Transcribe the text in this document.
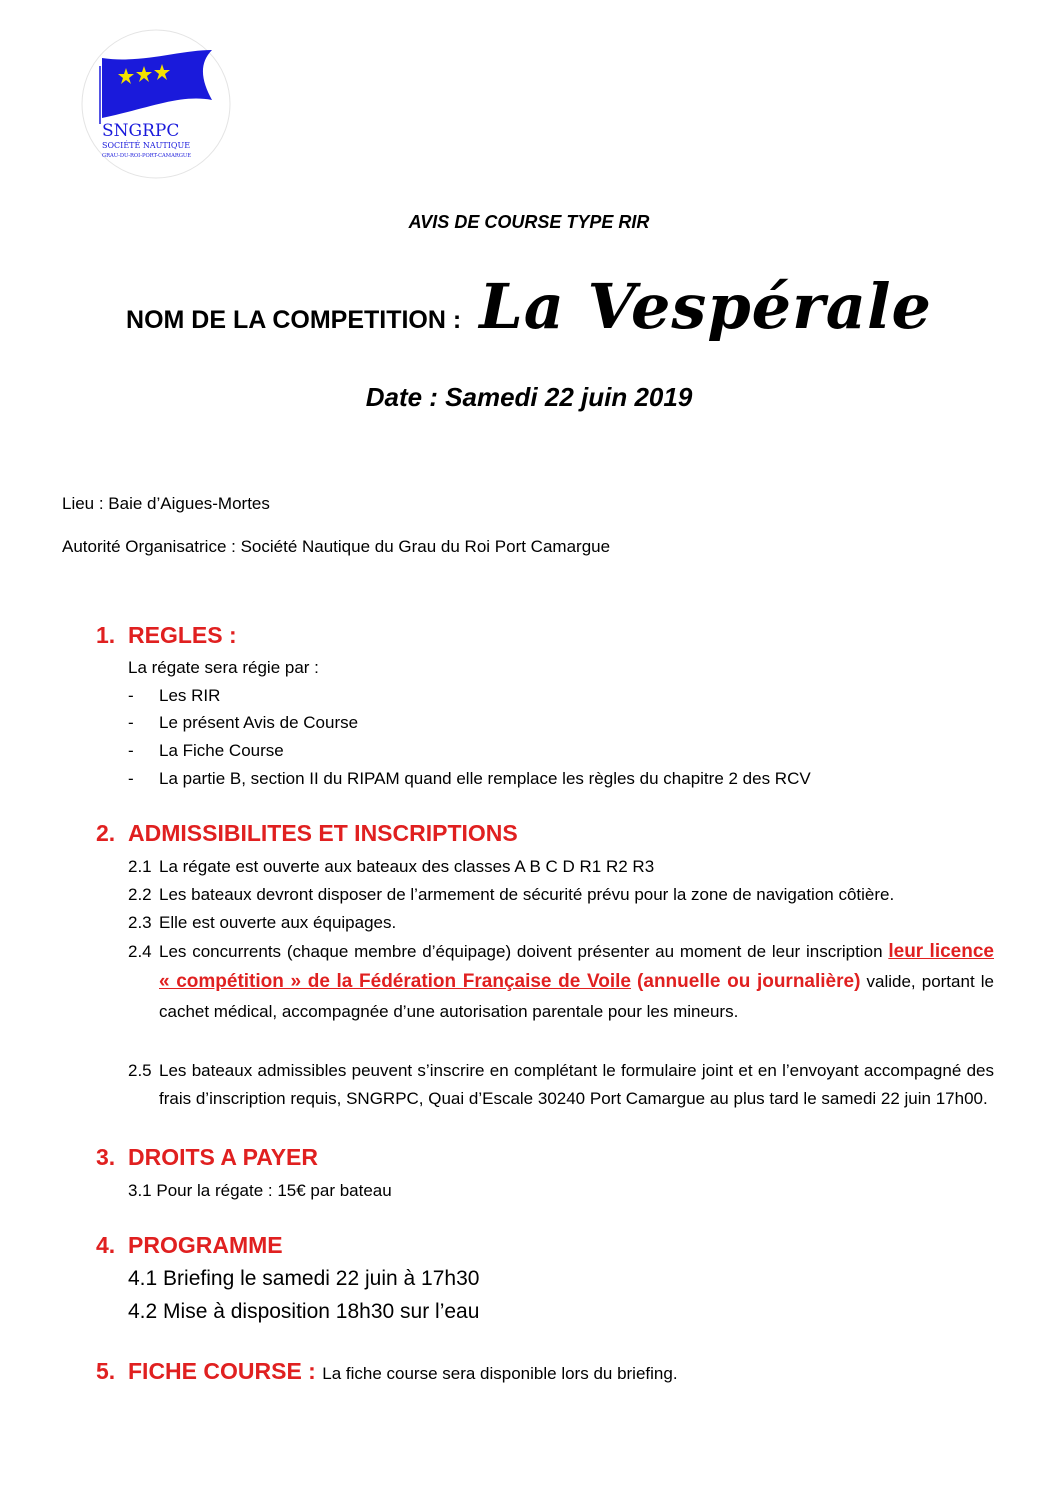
SNGRPC
SOCIÉTÉ NAUTIQUE
GRAU-DU-ROI-PORT-CAMARGUE
AVIS DE COURSE TYPE RIR
NOM DE LA COMPETITION : La Vespérale
Date : Samedi 22 juin 2019
Lieu : Baie d’Aigues-Mortes
Autorité Organisatrice : Société Nautique du Grau du Roi Port Camargue
1. REGLES :
La régate sera régie par :
- Les RIR
- Le présent Avis de Course
- La Fiche Course
- La partie B, section II du RIPAM quand elle remplace les règles du chapitre 2 des RCV
2. ADMISSIBILITES ET INSCRIPTIONS
2.1 La régate est ouverte aux bateaux des classes A B C D R1 R2 R3
2.2 Les bateaux devront disposer de l’armement de sécurité prévu pour la zone de navigation côtière.
2.3 Elle est ouverte aux équipages.
2.4 Les concurrents (chaque membre d’équipage) doivent présenter au moment de leur inscription leur licence « compétition » de la Fédération Française de Voile (annuelle ou journalière) valide, portant le cachet médical, accompagnée d’une autorisation parentale pour les mineurs.
2.5 Les bateaux admissibles peuvent s’inscrire en complétant le formulaire joint et en l’envoyant accompagné des frais d’inscription requis, SNGRPC, Quai d’Escale 30240 Port Camargue au plus tard le samedi 22 juin 17h00.
3. DROITS A PAYER
3.1 Pour la régate : 15€ par bateau
4. PROGRAMME
4.1 Briefing le samedi 22 juin à 17h30
4.2 Mise à disposition 18h30 sur l’eau
5. FICHE COURSE : La fiche course sera disponible lors du briefing.
